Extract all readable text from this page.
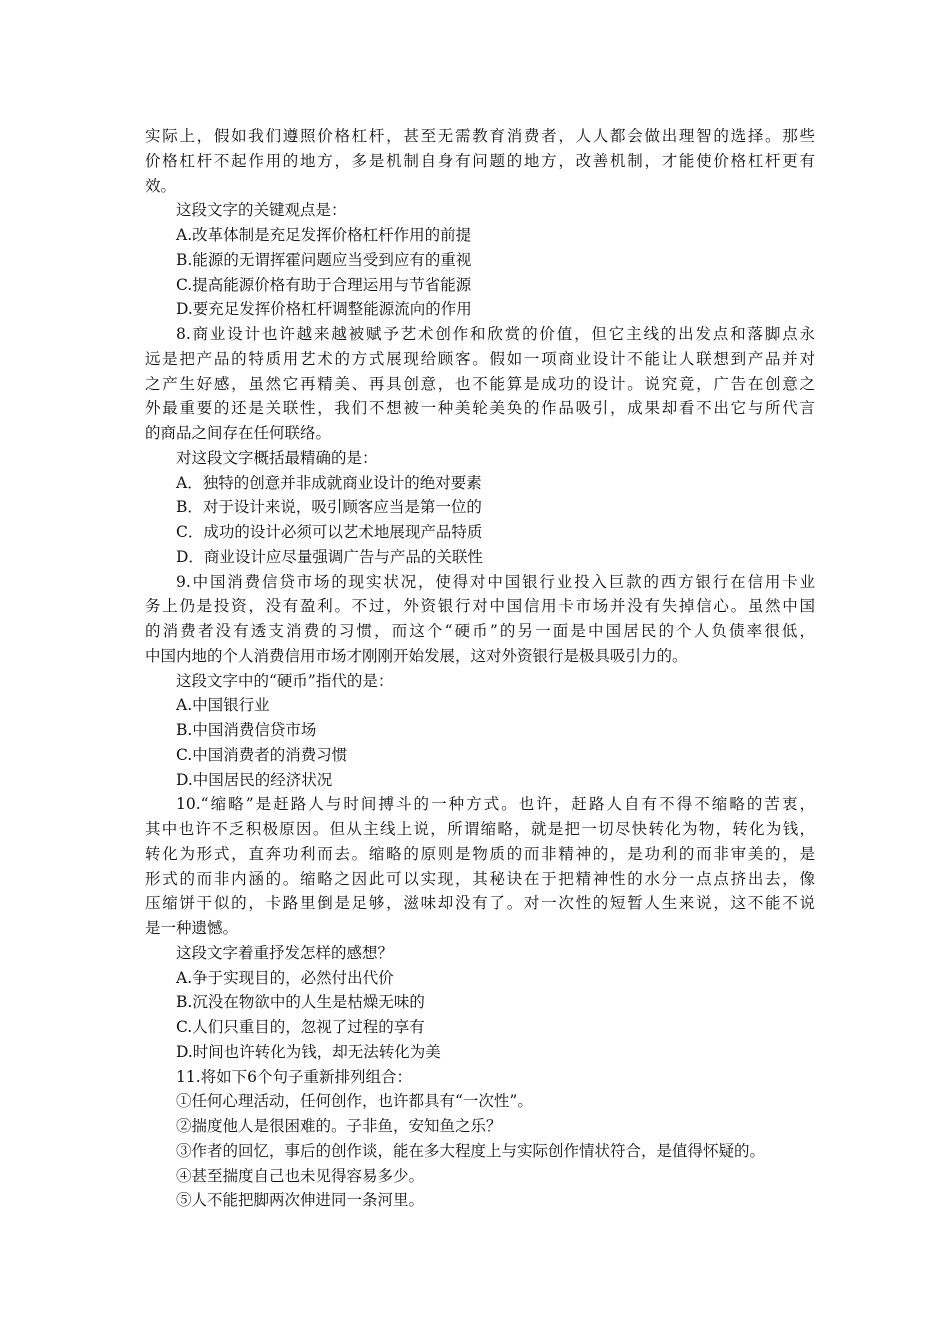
实际上，假如我们遵照价格杠杆，甚至无需教育消费者，人人都会做出理智的选择。那些
价格杠杆不起作用的地方，多是机制自身有问题的地方，改善机制，才能使价格杠杆更有
效。
这段文字的关键观点是：
A.改革体制是充足发挥价格杠杆作用的前提
B.能源的无谓挥霍问题应当受到应有的重视
C.提高能源价格有助于合理运用与节省能源
D.要充足发挥价格杠杆调整能源流向的作用
8.商业设计也许越来越被赋予艺术创作和欣赏的价值，但它主线的出发点和落脚点永
远是把产品的特质用艺术的方式展现给顾客。假如一项商业设计不能让人联想到产品并对
之产生好感，虽然它再精美、再具创意，也不能算是成功的设计。说究竟，广告在创意之
外最重要的还是关联性，我们不想被一种美轮美奂的作品吸引，成果却看不出它与所代言
的商品之间存在任何联络。
对这段文字概括最精确的是：
A．独特的创意并非成就商业设计的绝对要素
B．对于设计来说，吸引顾客应当是第一位的
C．成功的设计必须可以艺术地展现产品特质
D．商业设计应尽量强调广告与产品的关联性
9.中国消费信贷市场的现实状况，使得对中国银行业投入巨款的西方银行在信用卡业
务上仍是投资，没有盈利。不过，外资银行对中国信用卡市场并没有失掉信心。虽然中国
的消费者没有透支消费的习惯，而这个“硬币”的另一面是中国居民的个人负债率很低，
中国内地的个人消费信用市场才刚刚开始发展，这对外资银行是极具吸引力的。
这段文字中的“硬币”指代的是：
A.中国银行业
B.中国消费信贷市场
C.中国消费者的消费习惯
D.中国居民的经济状况
10.“缩略”是赶路人与时间搏斗的一种方式。也许，赶路人自有不得不缩略的苦衷，
其中也许不乏积极原因。但从主线上说，所谓缩略，就是把一切尽快转化为物，转化为钱，
转化为形式，直奔功利而去。缩略的原则是物质的而非精神的，是功利的而非审美的，是
形式的而非内涵的。缩略之因此可以实现，其秘诀在于把精神性的水分一点点挤出去，像
压缩饼干似的，卡路里倒是足够，滋味却没有了。对一次性的短暂人生来说，这不能不说
是一种遗憾。
这段文字着重抒发怎样的感想？
A.争于实现目的，必然付出代价
B.沉没在物欲中的人生是枯燥无味的
C.人们只重目的，忽视了过程的享有
D.时间也许转化为钱，却无法转化为美
11.将如下6个句子重新排列组合：
①任何心理活动，任何创作，也许都具有“一次性”。
②揣度他人是很困难的。子非鱼，安知鱼之乐？
③作者的回忆，事后的创作谈，能在多大程度上与实际创作情状符合，是值得怀疑的。
④甚至揣度自己也未见得容易多少。
⑤人不能把脚两次伸进同一条河里。
